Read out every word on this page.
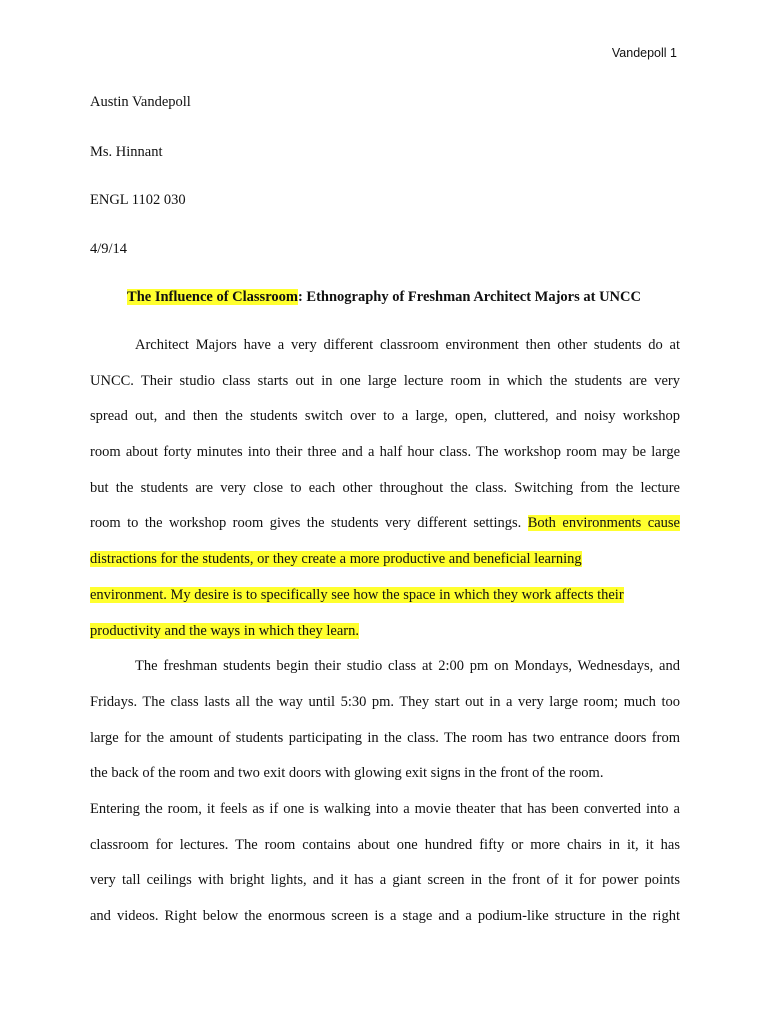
Vandepoll 1
Austin Vandepoll
Ms. Hinnant
ENGL 1102 030
4/9/14
The Influence of Classroom: Ethnography of Freshman Architect Majors at UNCC
Architect Majors have a very different classroom environment then other students do at
UNCC. Their studio class starts out in one large lecture room in which the students are very
spread out, and then the students switch over to a large, open, cluttered, and noisy workshop
room about forty minutes into their three and a half hour class. The workshop room may be large
but the students are very close to each other throughout the class. Switching from the lecture
room to the workshop room gives the students very different settings. Both environments cause
distractions for the students, or they create a more productive and beneficial learning
environment. My desire is to specifically see how the space in which they work affects their
productivity and the ways in which they learn.
The freshman students begin their studio class at 2:00 pm on Mondays, Wednesdays, and
Fridays. The class lasts all the way until 5:30 pm. They start out in a very large room; much too
large for the amount of students participating in the class. The room has two entrance doors from
the back of the room and two exit doors with glowing exit signs in the front of the room.
Entering the room, it feels as if one is walking into a movie theater that has been converted into a
classroom for lectures. The room contains about one hundred fifty or more chairs in it, it has
very tall ceilings with bright lights, and it has a giant screen in the front of it for power points
and videos. Right below the enormous screen is a stage and a podium-like structure in the right
